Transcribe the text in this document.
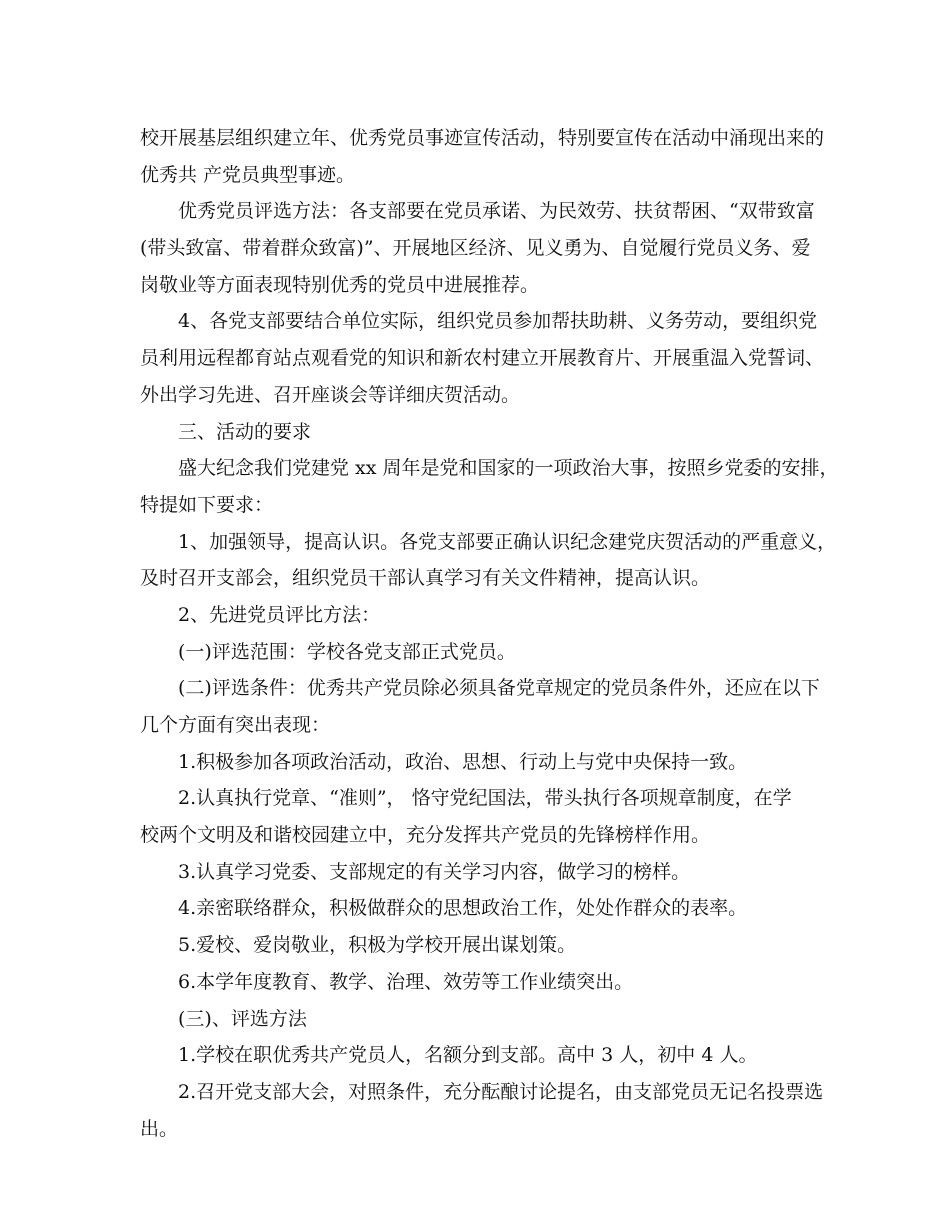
校开展基层组织建立年、优秀党员事迹宣传活动，特别要宣传在活动中涌现出来的
优秀共 产党员典型事迹。
优秀党员评选方法：各支部要在党员承诺、为民效劳、扶贫帮困、“双带致富
(带头致富、带着群众致富)”、开展地区经济、见义勇为、自觉履行党员义务、爱
岗敬业等方面表现特别优秀的党员中进展推荐。
4、各党支部要结合单位实际，组织党员参加帮扶助耕、义务劳动，要组织党
员利用远程都育站点观看党的知识和新农村建立开展教育片、开展重温入党誓词、
外出学习先进、召开座谈会等详细庆贺活动。
三、活动的要求
盛大纪念我们党建党 xx 周年是党和国家的一项政治大事，按照乡党委的安排，
特提如下要求：
1、加强领导，提高认识。各党支部要正确认识纪念建党庆贺活动的严重意义，
及时召开支部会，组织党员干部认真学习有关文件精神，提高认识。
2、先进党员评比方法：
(一)评选范围：学校各党支部正式党员。
(二)评选条件：优秀共产党员除必须具备党章规定的党员条件外，还应在以下
几个方面有突出表现：
1.积极参加各项政治活动，政治、思想、行动上与党中央保持一致。
2.认真执行党章、“准则”， 恪守党纪国法，带头执行各项规章制度，在学
校两个文明及和谐校园建立中，充分发挥共产党员的先锋榜样作用。
3.认真学习党委、支部规定的有关学习内容，做学习的榜样。
4.亲密联络群众，积极做群众的思想政治工作，处处作群众的表率。
5.爱校、爱岗敬业，积极为学校开展出谋划策。
6.本学年度教育、教学、治理、效劳等工作业绩突出。
(三)、评选方法
1.学校在职优秀共产党员人，名额分到支部。高中 3 人，初中 4 人。
2.召开党支部大会，对照条件，充分酝酿讨论提名，由支部党员无记名投票选
出。
